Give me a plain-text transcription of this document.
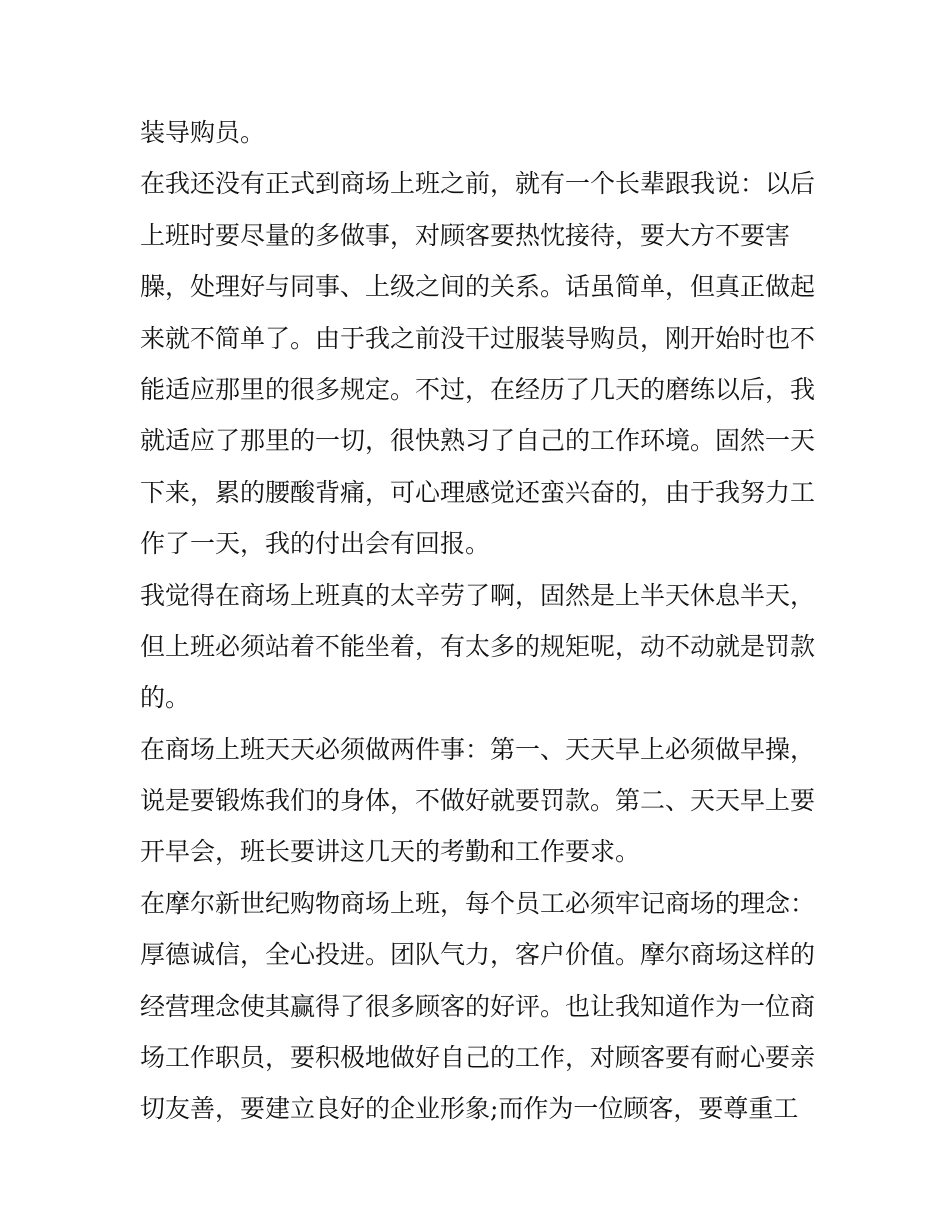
装导购员。
在我还没有正式到商场上班之前，就有一个长辈跟我说：以后
上班时要尽量的多做事，对顾客要热忱接待，要大方不要害
臊，处理好与同事、上级之间的关系。话虽简单，但真正做起
来就不简单了。由于我之前没干过服装导购员，刚开始时也不
能适应那里的很多规定。不过，在经历了几天的磨练以后，我
就适应了那里的一切，很快熟习了自己的工作环境。固然一天
下来，累的腰酸背痛，可心理感觉还蛮兴奋的，由于我努力工
作了一天，我的付出会有回报。
我觉得在商场上班真的太辛劳了啊，固然是上半天休息半天，
但上班必须站着不能坐着，有太多的规矩呢，动不动就是罚款
的。
在商场上班天天必须做两件事：第一、天天早上必须做早操，
说是要锻炼我们的身体，不做好就要罚款。第二、天天早上要
开早会，班长要讲这几天的考勤和工作要求。
在摩尔新世纪购物商场上班，每个员工必须牢记商场的理念：
厚德诚信，全心投进。团队气力，客户价值。摩尔商场这样的
经营理念使其赢得了很多顾客的好评。也让我知道作为一位商
场工作职员，要积极地做好自己的工作，对顾客要有耐心要亲
切友善，要建立良好的企业形象;而作为一位顾客，要尊重工
